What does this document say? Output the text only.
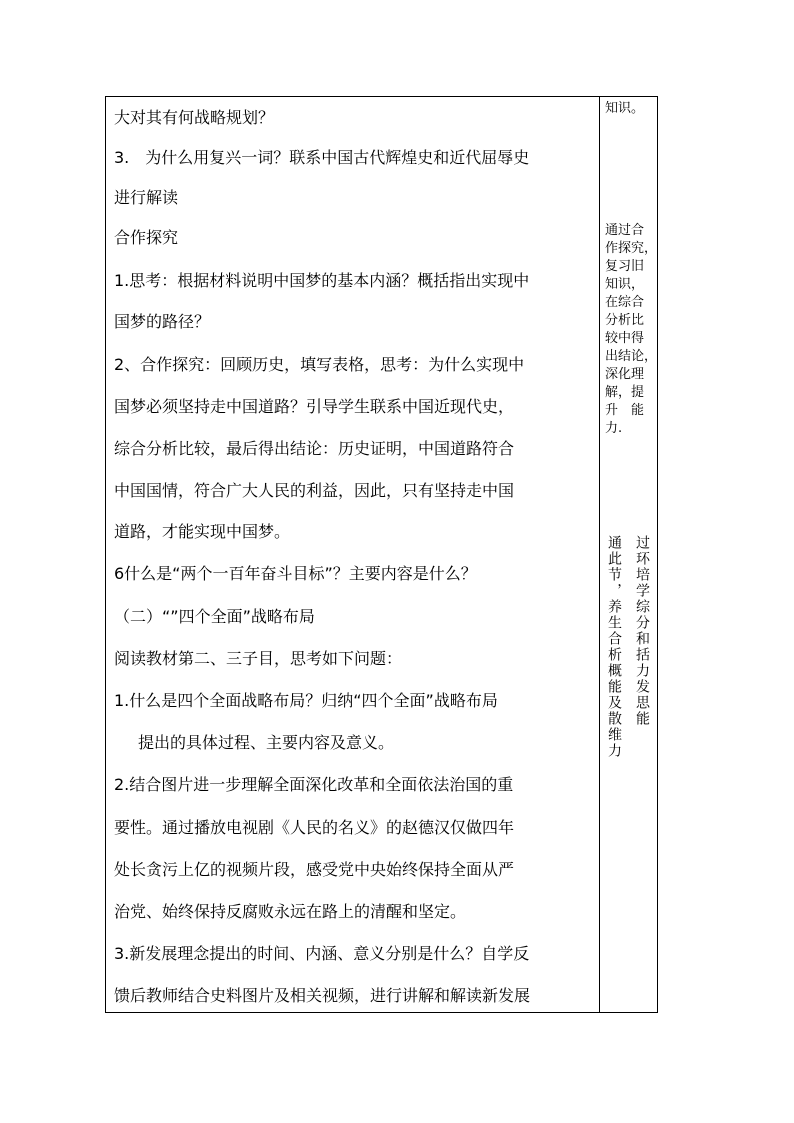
大对其有何战略规划？
3.　为什么用复兴一词？联系中国古代辉煌史和近代屈辱史
进行解读
合作探究
1.思考：根据材料说明中国梦的基本内涵？概括指出实现中
国梦的路径？
2、合作探究：回顾历史，填写表格，思考：为什么实现中
国梦必须坚持走中国道路？引导学生联系中国近现代史，
综合分析比较，最后得出结论：历史证明，中国道路符合
中国国情，符合广大人民的利益，因此，只有坚持走中国
道路，才能实现中国梦。
6什么是“两个一百年奋斗目标”？主要内容是什么？
（二）“”四个全面”战略布局
阅读教材第二、三子目，思考如下问题：
1.什么是四个全面战略布局？归纳“四个全面”战略布局
提出的具体过程、主要内容及意义。
2.结合图片进一步理解全面深化改革和全面依法治国的重
要性。通过播放电视剧《人民的名义》的赵德汉仅做四年
处长贪污上亿的视频片段，感受党中央始终保持全面从严
治党、始终保持反腐败永远在路上的清醒和坚定。
3.新发展理念提出的时间、内涵、意义分别是什么？自学反
馈后教师结合史料图片及相关视频，进行讲解和解读新发展
知识。
通过合
作探究，
复习旧
知识，
在综合
分析比
较中得
出结论，
深化理
解，提
升　能
力.
通此节，养生合析概能及散维力 过环培学综分和括力发思能
